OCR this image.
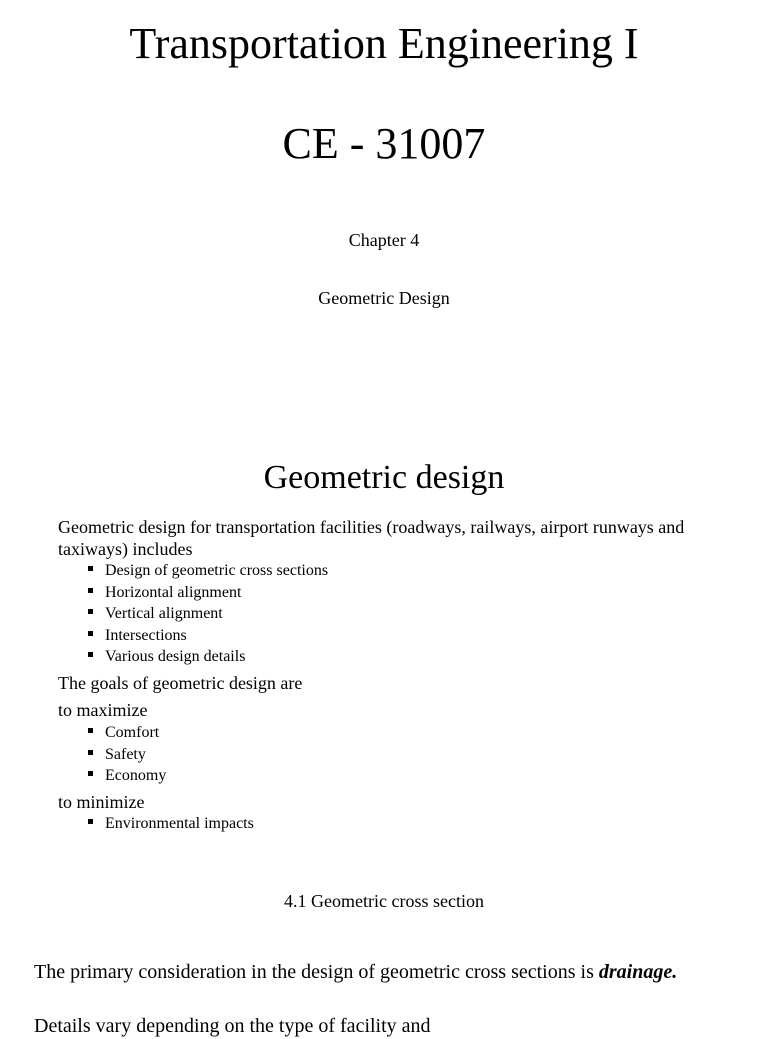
Transportation Engineering I
CE - 31007
Chapter 4
Geometric Design
Geometric design
Geometric design for transportation facilities (roadways, railways, airport runways and taxiways) includes
Design of geometric cross sections
Horizontal alignment
Vertical alignment
Intersections
Various design details
The goals of geometric design are
to maximize
Comfort
Safety
Economy
to minimize
Environmental impacts
4.1 Geometric cross section
The primary consideration in the design of geometric cross sections is drainage.
Details vary depending on the type of facility and
